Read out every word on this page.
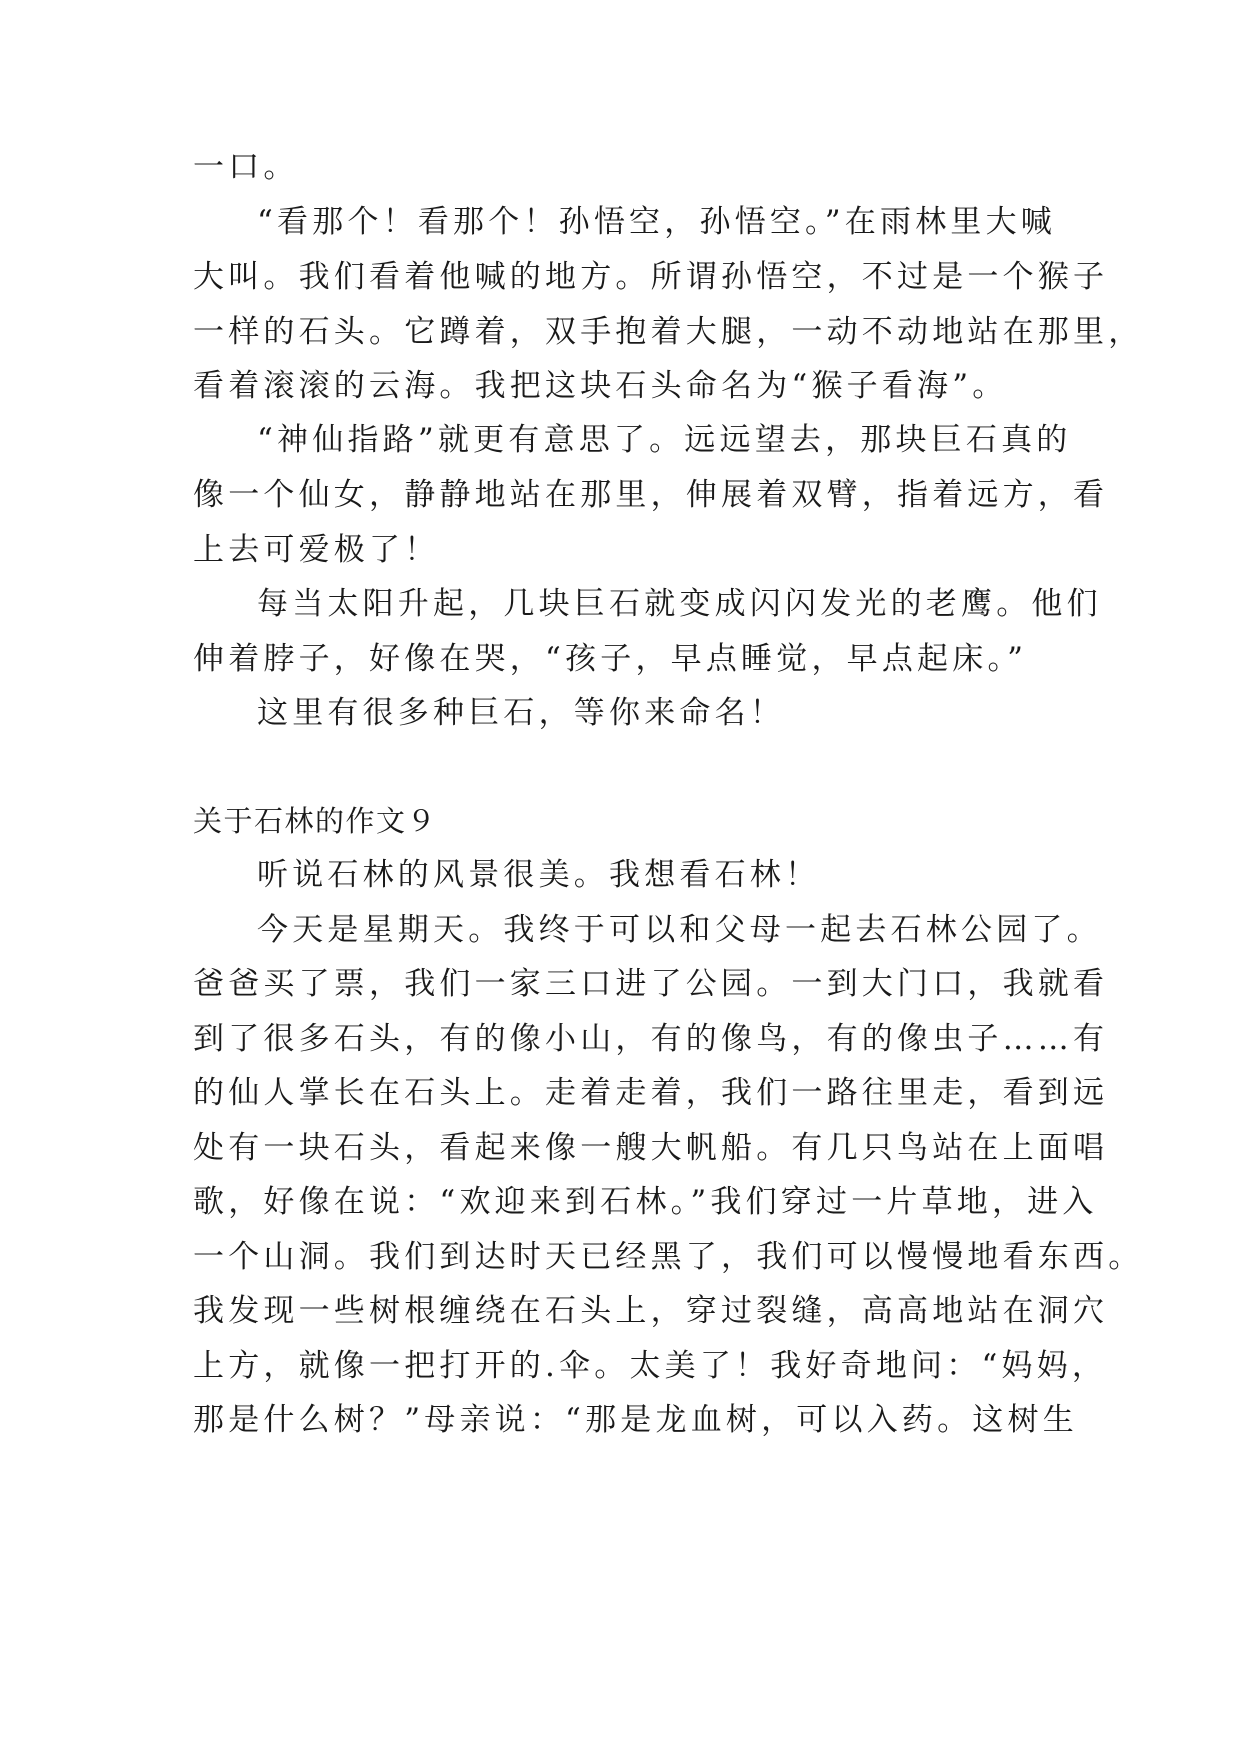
一口。
“看那个！看那个！孙悟空，孙悟空。”在雨林里大喊
大叫。我们看着他喊的地方。所谓孙悟空，不过是一个猴子
一样的石头。它蹲着，双手抱着大腿，一动不动地站在那里，
看着滚滚的云海。我把这块石头命名为“猴子看海”。
“神仙指路”就更有意思了。远远望去，那块巨石真的
像一个仙女，静静地站在那里，伸展着双臂，指着远方，看
上去可爱极了！
每当太阳升起，几块巨石就变成闪闪发光的老鹰。他们
伸着脖子，好像在哭，“孩子，早点睡觉，早点起床。”
这里有很多种巨石，等你来命名！
关于石林的作文９
听说石林的风景很美。我想看石林！
今天是星期天。我终于可以和父母一起去石林公园了。
爸爸买了票，我们一家三口进了公园。一到大门口，我就看
到了很多石头，有的像小山，有的像鸟，有的像虫子……有
的仙人掌长在石头上。走着走着，我们一路往里走，看到远
处有一块石头，看起来像一艘大帆船。有几只鸟站在上面唱
歌，好像在说：“欢迎来到石林。”我们穿过一片草地，进入
一个山洞。我们到达时天已经黑了，我们可以慢慢地看东西。
我发现一些树根缠绕在石头上，穿过裂缝，高高地站在洞穴
上方，就像一把打开的.伞。太美了！我好奇地问：“妈妈，
那是什么树？”母亲说：“那是龙血树，可以入药。这树生
